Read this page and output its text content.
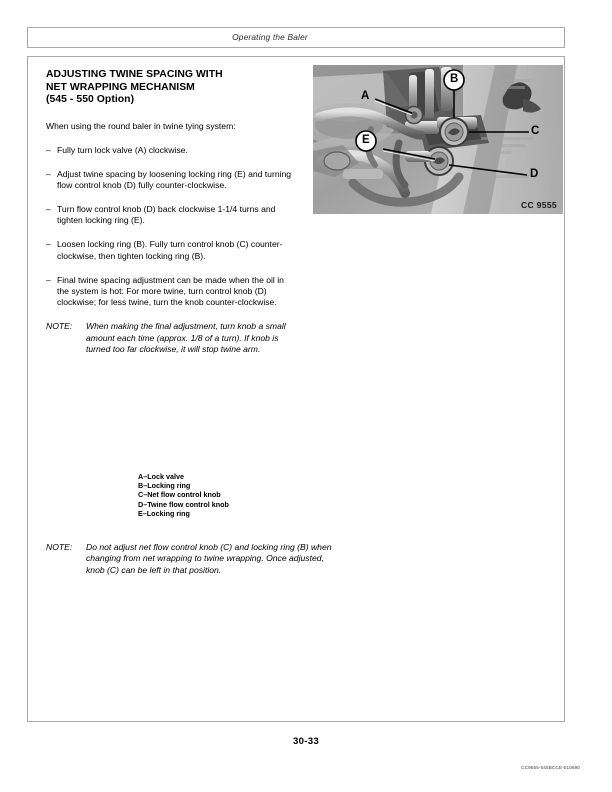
Operating the Baler
ADJUSTING TWINE SPACING WITH
NET WRAPPING MECHANISM
(545 - 550 Option)

When using the round baler in twine tying system:

– Fully turn lock valve (A) clockwise.

– Adjust twine spacing by loosening locking ring (E) and turning flow control knob (D) fully counter-clockwise.

– Turn flow control knob (D) back clockwise 1-1/4 turns and tighten locking ring (E).

– Loosen locking ring (B). Fully turn control knob (C) counter-clockwise, then tighten locking ring (B).

– Final twine spacing adjustment can be made when the oil in the system is hot: For more twine, turn control knob (D) clockwise; for less twine, turn the knob counter-clockwise.

NOTE: When making the final adjustment, turn knob a small amount each time (approx. 1/8 of a turn). If knob is turned too far clockwise, it will stop twine arm.

A–Lock valve
B–Locking ring
C–Net flow control knob
D–Twine flow control knob
E–Locking ring

NOTE: Do not adjust net flow control knob (C) and locking ring (B) when changing from net wrapping to twine wrapping. Once adjusted, knob (C) can be left in that position.

A
B
C
D
E
CC 9555
CC9555-545BCCE-010690
30-33
